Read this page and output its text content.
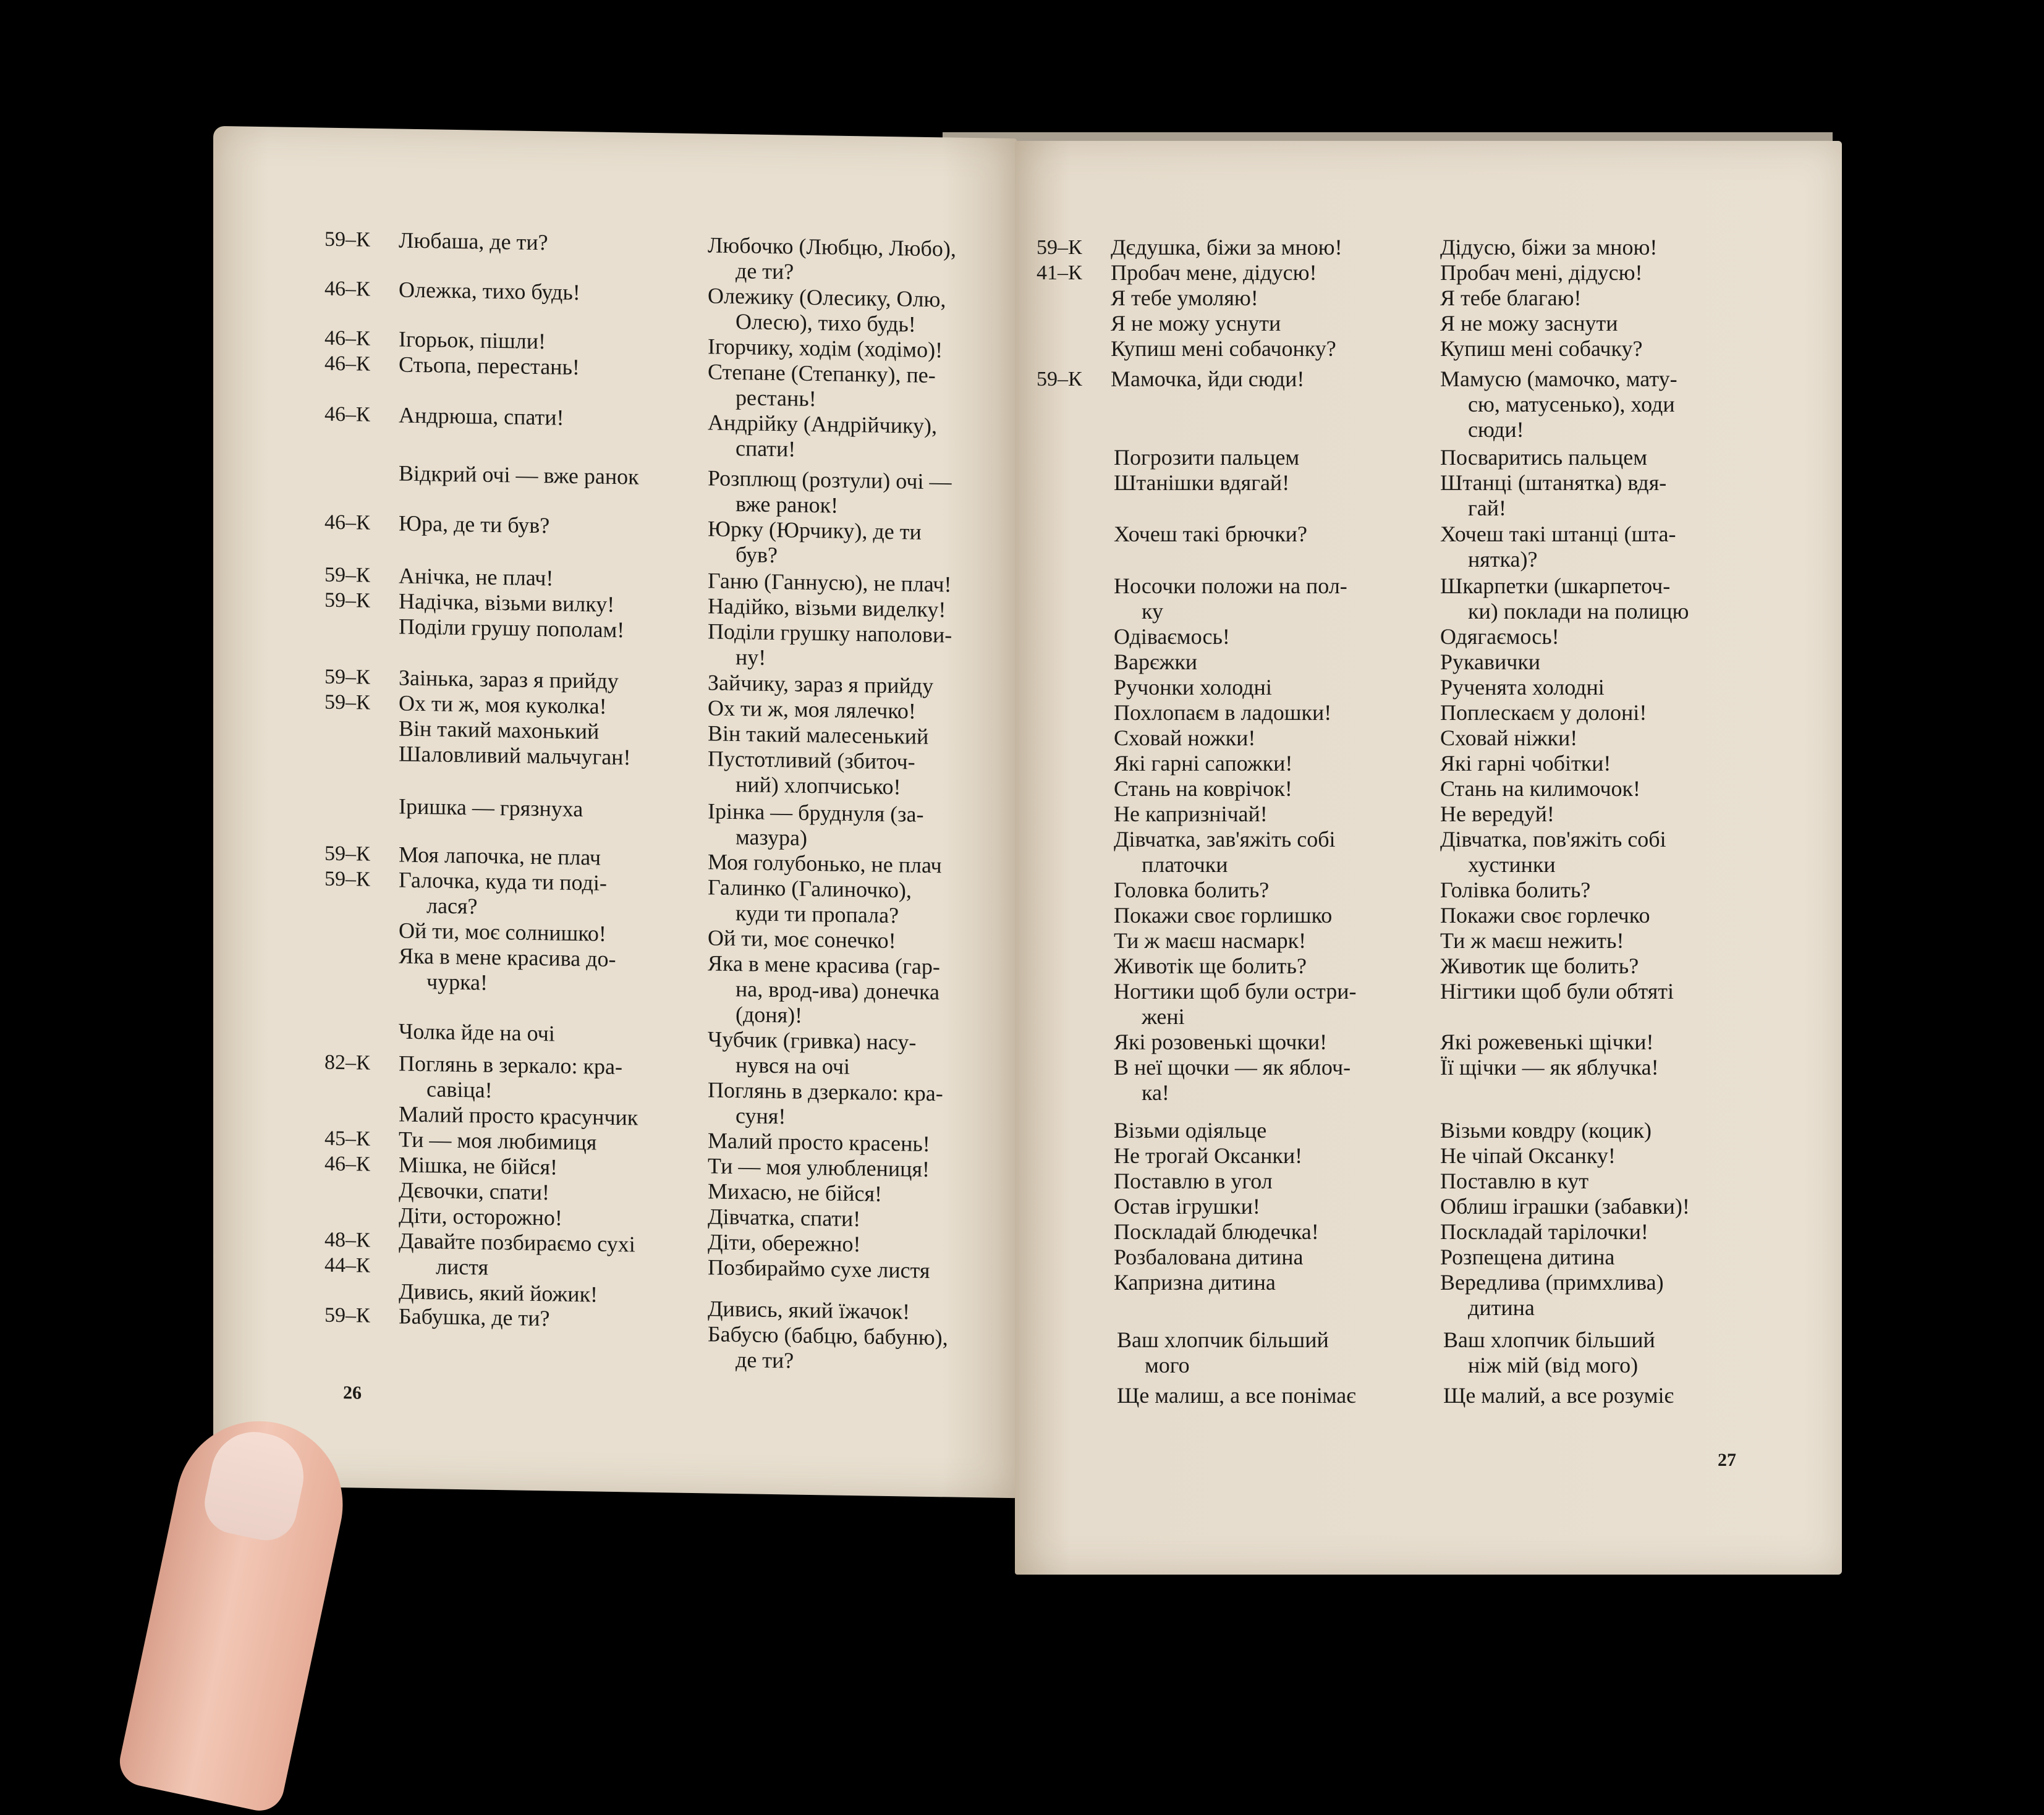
59–К
46–К
46–К
46–К
46–К
46–К
59–К
59–К
59–К
59–К
59–К
59–К
82–К
45–К
46–К
48–К
44–К
59–К
Любаша, де ти?
Олежка, тихо будь!
Ігорьок, пішли!
Стьопа, перестань!
Андрюша, спати!
Відкрий очі — вже ранок
Юра, де ти був?
Анічка, не плач!
Надічка, візьми вилку!
Поділи грушу пополам!
Заінька, зараз я прийду
Ох ти ж, моя куколка!
Він такий махонький
Шаловливий мальчуган!
Іришка — грязнуха
Моя лапочка, не плач
Галочка, куда ти поді-
лася?
Ой ти, моє солнишко!
Яка в мене красива до-
чурка!
Чолка йде на очі
Поглянь в зеркало: кра-
савіца!
Малий просто красунчик
Ти — моя любимиця
Мішка, не бійся!
Дєвочки, спати!
Діти, осторожно!
Давайте позбираємо сухі
листя
Дивись, який йожик!
Бабушка, де ти?
Любочко (Любцю, Любо),
де ти?
Олежику (Олесику, Олю,
Олесю), тихо будь!
Ігорчику, ходім (ходімо)!
Степане (Степанку), пе-
рестань!
Андрійку (Андрійчику),
спати!
Розплющ (розтули) очі —
вже ранок!
Юрку (Юрчику), де ти
був?
Ганю (Ганнусю), не плач!
Надійко, візьми виделку!
Поділи грушку наполови-
ну!
Зайчику, зараз я прийду
Ох ти ж, моя лялечко!
Він такий малесенький
Пустотливий (збиточ-
ний) хлопчисько!
Ірінка — бруднуля (за-
мазура)
Моя голубонько, не плач
Галинко (Галиночко),
куди ти пропала?
Ой ти, моє сонечко!
Яка в мене красива (гар-
на, врод-ива) донечка
(доня)!
Чубчик (гривка) насу-
нувся на очі
Поглянь в дзеркало: кра-
суня!
Малий просто красень!
Ти — моя улюблениця!
Михасю, не бійся!
Дівчатка, спати!
Діти, обережно!
Позбираймо сухе листя
Дивись, який їжачок!
Бабусю (бабцю, бабуню),
де ти?
26
59–К
41–К
59–К
Дєдушка, біжи за мною!
Пробач мене, дідусю!
Я тебе умоляю!
Я не можу уснути
Купиш мені собачонку?
Мамочка, йди сюди!
Погрозити пальцем
Штанішки вдягай!
Хочеш такі брючки?
Носочки положи на пол-
ку
Одіваємось!
Варєжки
Ручонки холодні
Похлопаєм в ладошки!
Сховай ножки!
Які гарні сапожки!
Стань на коврічок!
Не капризнічай!
Дівчатка, зав'яжіть собі
платочки
Головка болить?
Покажи своє горлишко
Ти ж маєш насмарк!
Животік ще болить?
Ногтики щоб були остри-
жені
Які розовенькі щочки!
В неї щочки — як яблоч-
ка!
Візьми одіяльце
Не трогай Оксанки!
Поставлю в угол
Остав ігрушки!
Поскладай блюдечка!
Розбалована дитина
Капризна дитина
Ваш хлопчик більший
мого
Ще малиш, а все понімає
Дідусю, біжи за мною!
Пробач мені, дідусю!
Я тебе благаю!
Я не можу заснути
Купиш мені собачку?
Мамусю (мамочко, мату-
сю, матусенько), ходи
сюди!
Посваритись пальцем
Штанці (штанятка) вдя-
гай!
Хочеш такі штанці (шта-
нятка)?
Шкарпетки (шкарпеточ-
ки) поклади на полицю
Одягаємось!
Рукавички
Рученята холодні
Поплескаєм у долоні!
Сховай ніжки!
Які гарні чобітки!
Стань на килимочок!
Не вередуй!
Дівчатка, пов'яжіть собі
хустинки
Голівка болить?
Покажи своє горлечко
Ти ж маєш нежить!
Животик ще болить?
Нігтики щоб були обтяті
Які рожевенькі щічки!
Її щічки — як яблучка!
Візьми ковдру (коцик)
Не чіпай Оксанку!
Поставлю в кут
Облиш іграшки (забавки)!
Поскладай тарілочки!
Розпещена дитина
Вередлива (примхлива)
дитина
Ваш хлопчик більший
ніж мій (від мого)
Ще малий, а все розуміє
27
